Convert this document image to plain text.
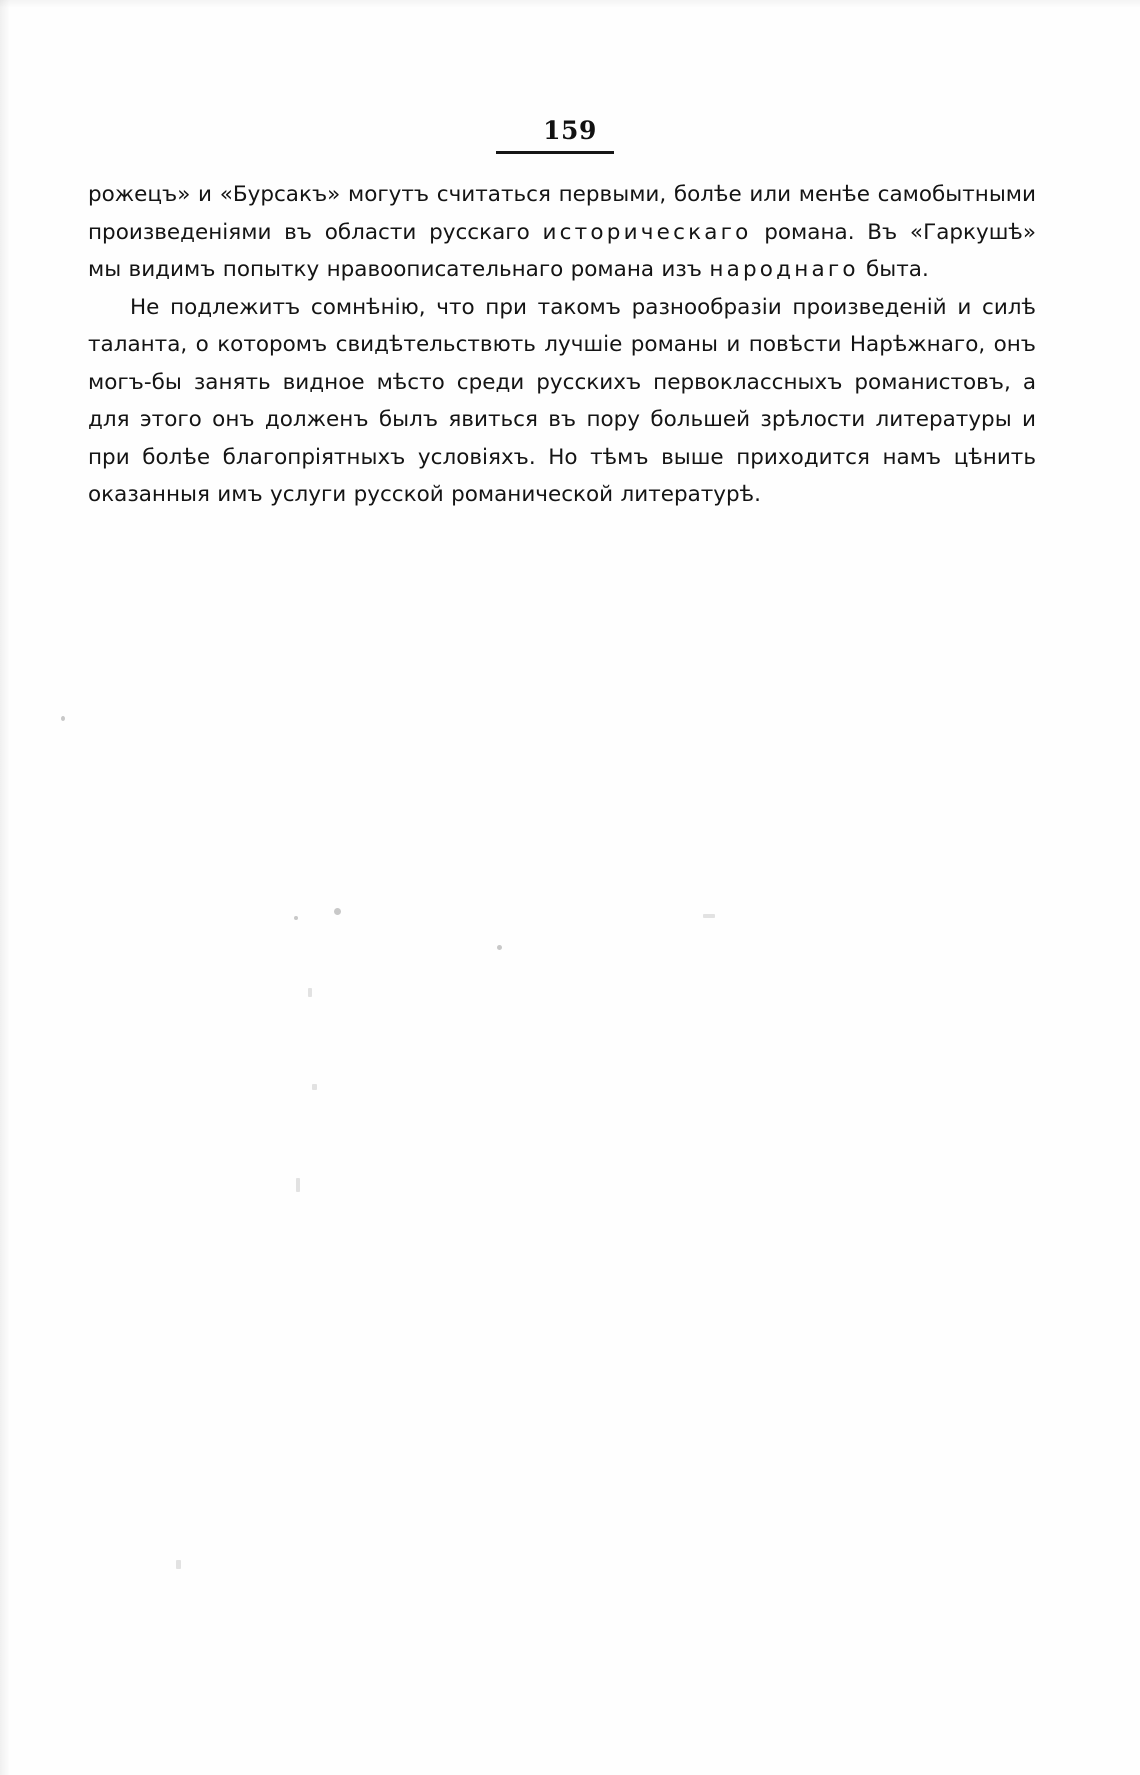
159

рожецъ» и «Бурсакъ» могутъ считаться первыми, болѣе или менѣе самобытными произведеніями въ области русскаго историческаго романа. Въ «Гаркушѣ» мы видимъ попытку нравоописательнаго романа изъ народнаго быта.

Не подлежитъ сомнѣнію, что при такомъ разнообразіи произведеній и силѣ таланта, о которомъ свидѣтельствють лучшіе романы и повѣсти Нарѣжнаго, онъ могъ-бы занять видное мѣсто среди русскихъ первоклассныхъ романистовъ, а для этого онъ долженъ былъ явиться въ пору большей зрѣлости литературы и при болѣе благопріятныхъ условіяхъ. Но тѣмъ выше приходится намъ цѣнить оказанныя имъ услуги русской романической литературѣ.
